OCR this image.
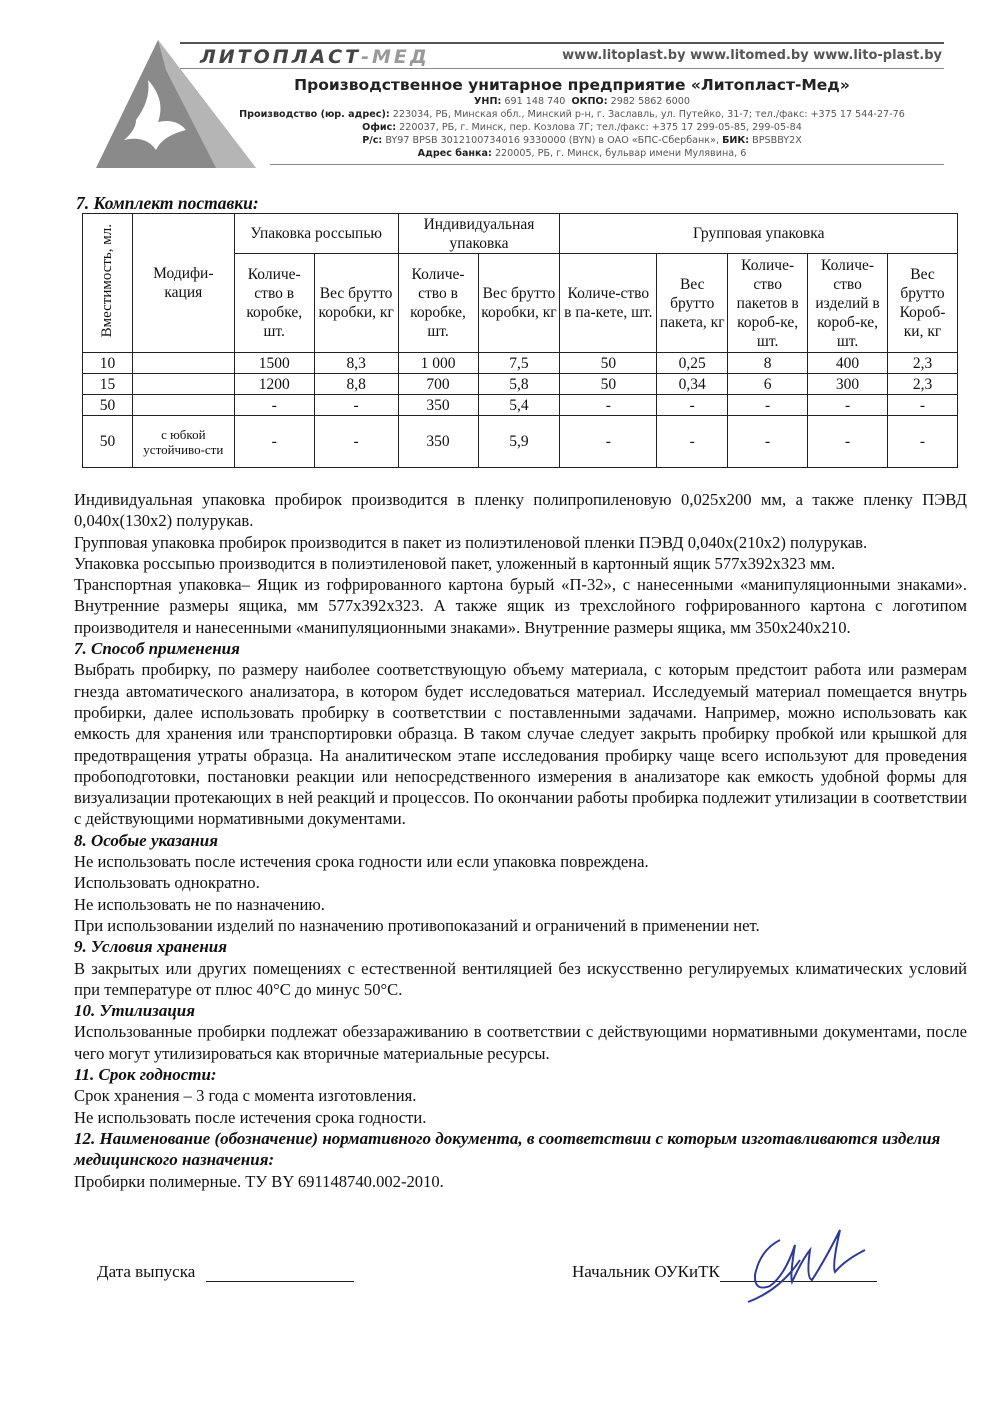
ЛИТОПЛАСТ-МЕД	www.litoplast.by www.litomed.by www.lito-plast.by
Производственное унитарное предприятие «Литопласт-Мед»
УНП: 691 148 740 ОКПО: 2982 5862 6000
Производство (юр. адрес): 223034, РБ, Минская обл., Минский р-н, г. Заславль, ул. Путейко, 31-7; тел./факс: +375 17 544-27-76
Офис: 220037, РБ, г. Минск, пер. Козлова 7Г; тел./факс: +375 17 299-05-85, 299-05-84
Р/с: BY97 BPSB 3012100734016 9330000 (BYN) в ОАО «БПС-Сбербанк», БИК: BPSBBY2X
Адрес банка: 220005, РБ, г. Минск, бульвар имени Мулявина, 6
7. Комплект поставки:
Вместимость, мл.	Модифи-кация	Упаковка россыпью		Индивидуальная упаковка		Групповая упаковка				
		Количе-ство в коробке, шт.	Вес брутто коробки, кг	Количе-ство в коробке, шт.	Вес брутто коробки, кг	Количе-ство в па-кете, шт.	Вес брутто пакета, кг	Количе-ство пакетов в короб-ке, шт.	Количе-ство изделий в короб-ке, шт.	Вес брутто Короб-ки, кг
10		1500	8,3	1 000	7,5	50	0,25	8	400	2,3
15		1200	8,8	700	5,8	50	0,34	6	300	2,3
50		-	-	350	5,4	-	-	-	-	-
50	с юбкой устойчиво-сти	-	-	350	5,9	-	-	-	-	-

Индивидуальная упаковка пробирок производится в пленку полипропиленовую 0,025х200 мм, а также пленку ПЭВД 0,040х(130х2) полурукав.

Групповая упаковка пробирок производится в пакет из полиэтиленовой пленки ПЭВД 0,040х(210х2) полурукав.

Упаковка россыпью производится в полиэтиленовой пакет, уложенный в картонный ящик 577х392х323 мм.

Транспортная упаковка– Ящик из гофрированного картона бурый «П-32», с нанесенными «манипуляционными знаками». Внутренние размеры ящика, мм 577х392х323. А также ящик из трехслойного гофрированного картона с логотипом производителя и нанесенными «манипуляционными знаками». Внутренние размеры ящика, мм 350х240х210.

7. Способ применения

Выбрать пробирку, по размеру наиболее соответствующую объему материала, с которым предстоит работа или размерам гнезда автоматического анализатора, в котором будет исследоваться материал. Исследуемый материал помещается внутрь пробирки, далее использовать пробирку в соответствии с поставленными задачами. Например, можно использовать как емкость для хранения или транспортировки образца. В таком случае следует закрыть пробирку пробкой или крышкой для предотвращения утраты образца. На аналитическом этапе исследования пробирку чаще всего используют для проведения пробоподготовки, постановки реакции или непосредственного измерения в анализаторе как емкость удобной формы для визуализации протекающих в ней реакций и процессов. По окончании работы пробирка подлежит утилизации в соответствии с действующими нормативными документами.

8. Особые указания

Не использовать после истечения срока годности или если упаковка повреждена.

Использовать однократно.

Не использовать не по назначению.

При использовании изделий по назначению противопоказаний и ограничений в применении нет.

9. Условия хранения

В закрытых или других помещениях с естественной вентиляцией без искусственно регулируемых климатических условий при температуре от плюс 40°С до минус 50°С.

10. Утилизация

Использованные пробирки подлежат обеззараживанию в соответствии с действующими нормативными документами, после чего могут утилизироваться как вторичные материальные ресурсы.

11. Срок годности:

Срок хранения – 3 года с момента изготовления.

Не использовать после истечения срока годности.

12. Наименование (обозначение) нормативного документа, в соответствии с которым изготавливаются изделия медицинского назначения:

Пробирки полимерные. ТУ BY 691148740.002-2010.

Дата выпуска	Начальник ОУКиТК
